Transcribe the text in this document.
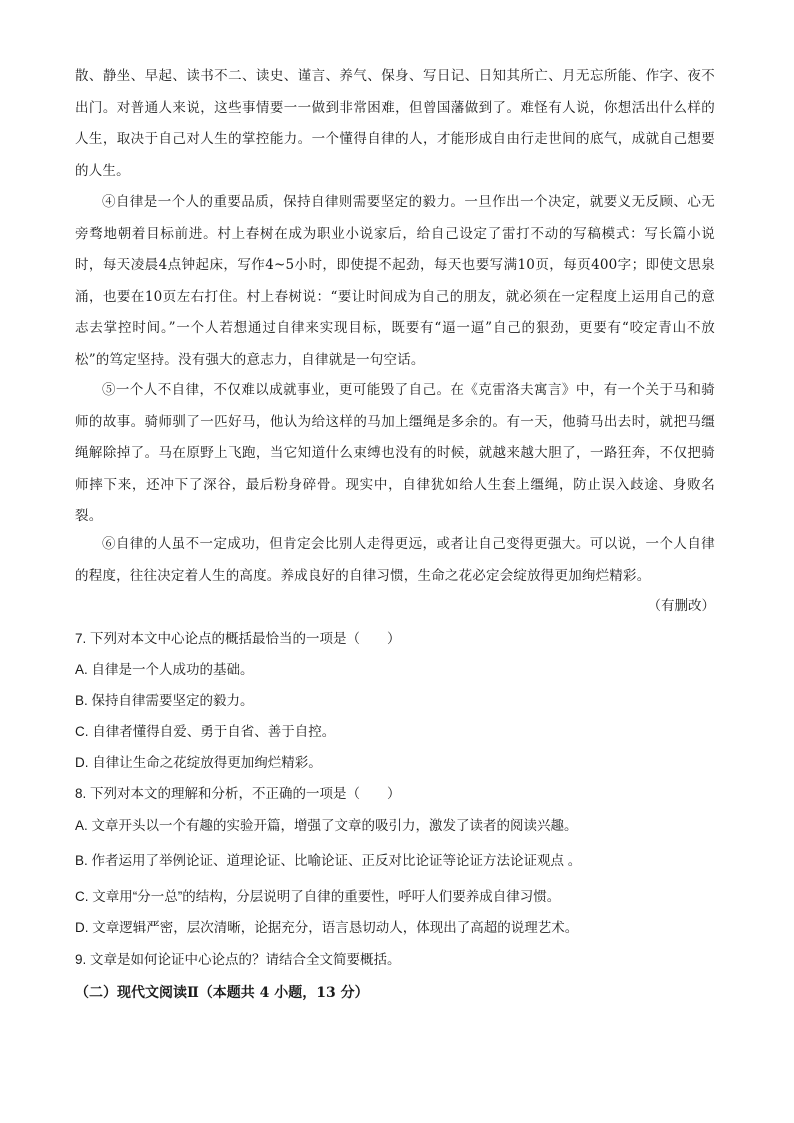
散、静坐、早起、读书不二、读史、谨言、养气、保身、写日记、日知其所亡、月无忘所能、作字、夜不出门。对普通人来说，这些事情要一一做到非常困难，但曾国藩做到了。难怪有人说，你想活出什么样的人生，取决于自己对人生的掌控能力。一个懂得自律的人，才能形成自由行走世间的底气，成就自己想要的人生。

④自律是一个人的重要品质，保持自律则需要坚定的毅力。一旦作出一个决定，就要义无反顾、心无旁骛地朝着目标前进。村上春树在成为职业小说家后，给自己设定了雷打不动的写稿模式：写长篇小说时，每天凌晨4点钟起床，写作4~5小时，即使提不起劲，每天也要写满10页，每页400字；即使文思泉涌，也要在10页左右打住。村上春树说：“要让时间成为自己的朋友，就必须在一定程度上运用自己的意志去掌控时间。”一个人若想通过自律来实现目标，既要有“逼一逼”自己的狠劲，更要有“咬定青山不放松”的笃定坚持。没有强大的意志力，自律就是一句空话。

⑤一个人不自律，不仅难以成就事业，更可能毁了自己。在《克雷洛夫寓言》中，有一个关于马和骑师的故事。骑师驯了一匹好马，他认为给这样的马加上缰绳是多余的。有一天，他骑马出去时，就把马缰绳解除掉了。马在原野上飞跑，当它知道什么束缚也没有的时候，就越来越大胆了，一路狂奔，不仅把骑师摔下来，还冲下了深谷，最后粉身碎骨。现实中，自律犹如给人生套上缰绳，防止误入歧途、身败名裂。

⑥自律的人虽不一定成功，但肯定会比别人走得更远，或者让自己变得更强大。可以说，一个人自律的程度，往往决定着人生的高度。养成良好的自律习惯，生命之花必定会绽放得更加绚烂精彩。

（有删改）

7. 下列对本文中心论点的概括最恰当的一项是（　　）

A. 自律是一个人成功的基础。

B. 保持自律需要坚定的毅力。

C. 自律者懂得自爱、勇于自省、善于自控。

D. 自律让生命之花绽放得更加绚烂精彩。

8. 下列对本文的理解和分析，不正确的一项是（　　）

A. 文章开头以一个有趣的实验开篇，增强了文章的吸引力，激发了读者的阅读兴趣。

B. 作者运用了举例论证、道理论证、比喻论证、正反对比论证等论证方法论证观点 。

C. 文章用“分一总”的结构，分层说明了自律的重要性，呼吁人们要养成自律习惯。

D. 文章逻辑严密，层次清晰，论据充分，语言恳切动人，体现出了高超的说理艺术。

9. 文章是如何论证中心论点的？请结合全文简要概括。

（二）现代文阅读Ⅱ（本题共 4 小题，13 分）
